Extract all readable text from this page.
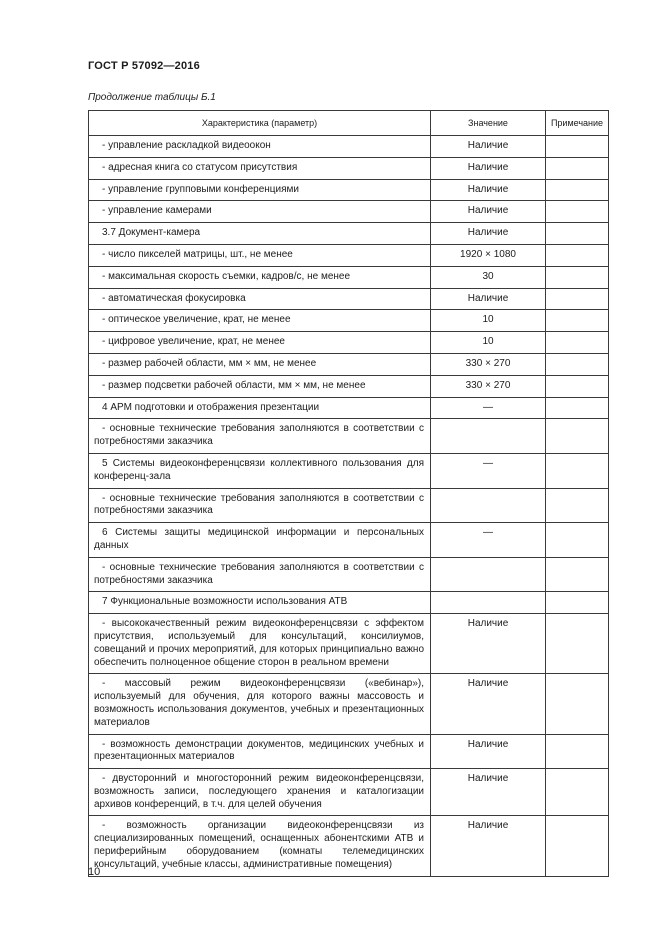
ГОСТ Р 57092—2016
Продолжение таблицы Б.1
Характеристика (параметр)	Значение	Примечание
- управление раскладкой видеоокон	Наличие	
- адресная книга со статусом присутствия	Наличие	
- управление групповыми конференциями	Наличие	
- управление камерами	Наличие	
3.7 Документ-камера	Наличие	
- число пикселей матрицы, шт., не менее	1920 × 1080	
- максимальная скорость съемки, кадров/с, не менее	30	
- автоматическая фокусировка	Наличие	
- оптическое увеличение, крат, не менее	10	
- цифровое увеличение, крат, не менее	10	
- размер рабочей области, мм × мм, не менее	330 × 270	
- размер подсветки рабочей области, мм × мм, не менее	330 × 270	
4 АРМ подготовки и отображения презентации	—	
- основные технические требования заполняются в соответствии с потребностями заказчика		
5 Системы видеоконференцсвязи коллективного пользования для конференц-зала	—	
- основные технические требования заполняются в соответствии с потребностями заказчика		
6 Системы защиты медицинской информации и персональных данных	—	
- основные технические требования заполняются в соответствии с потребностями заказчика		
7 Функциональные возможности использования АТВ		
- высококачественный режим видеоконференцсвязи с эффектом присутствия, используемый для консультаций, консилиумов, совещаний и прочих мероприятий, для которых принципиально важно обеспечить полноценное общение сторон в реальном времени	Наличие	
- массовый режим видеоконференцсвязи («вебинар»), используемый для обучения, для которого важны массовость и возможность использования документов, учебных и презентационных материалов	Наличие	
- возможность демонстрации документов, медицинских учебных и презентационных материалов	Наличие	
- двусторонний и многосторонний режим видеоконференцсвязи, возможность записи, последующего хранения и каталогизации архивов конференций, в т.ч. для целей обучения	Наличие	
- возможность организации видеоконференцсвязи из специализированных помещений, оснащенных абонентскими АТВ и периферийным оборудованием (комнаты телемедицинских консультаций, учебные классы, административные помещения)	Наличие	
10
